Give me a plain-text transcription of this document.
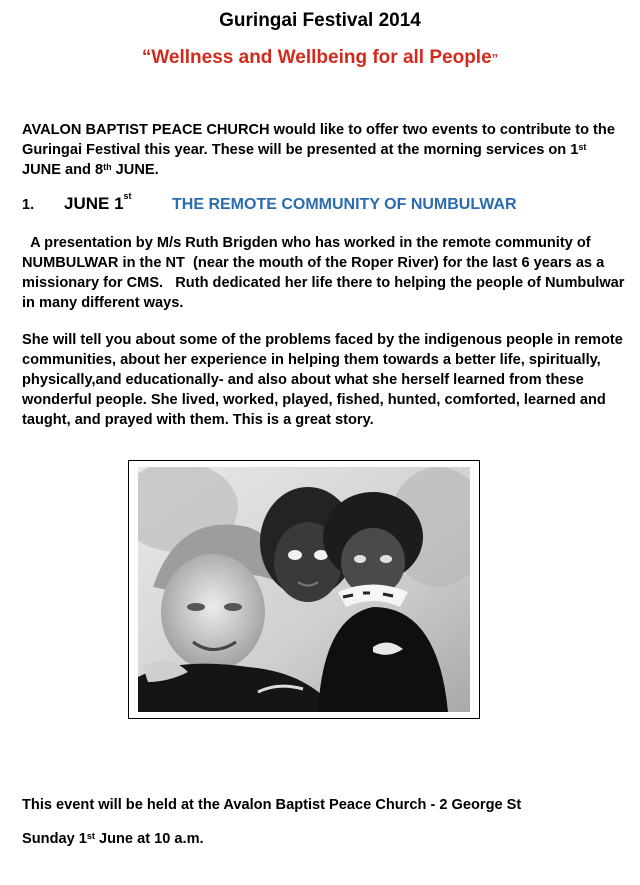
Guringai Festival 2014
“Wellness and Wellbeing for all People”

AVALON BAPTIST PEACE CHURCH would like to offer two events to contribute to the Guringai Festival this year. These will be presented at the morning services on 1st JUNE and 8th JUNE.

1. JUNE 1st	THE REMOTE COMMUNITY OF NUMBULWAR

A presentation by M/s Ruth Brigden who has worked in the remote community of NUMBULWAR in the NT  (near the mouth of the Roper River) for the last 6 years as a missionary for CMS.   Ruth dedicated her life there to helping the people of Numbulwar in many different ways.

She will tell you about some of the problems faced by the indigenous people in remote communities, about her experience in helping them towards a better life, spiritually, physically,and educationally- and also about what she herself learned from these wonderful people. She lived, worked, played, fished, hunted, comforted, learned and taught, and prayed with them. This is a great story.

This event will be held at the Avalon Baptist Peace Church - 2 George St

Sunday 1st June at 10 a.m.
